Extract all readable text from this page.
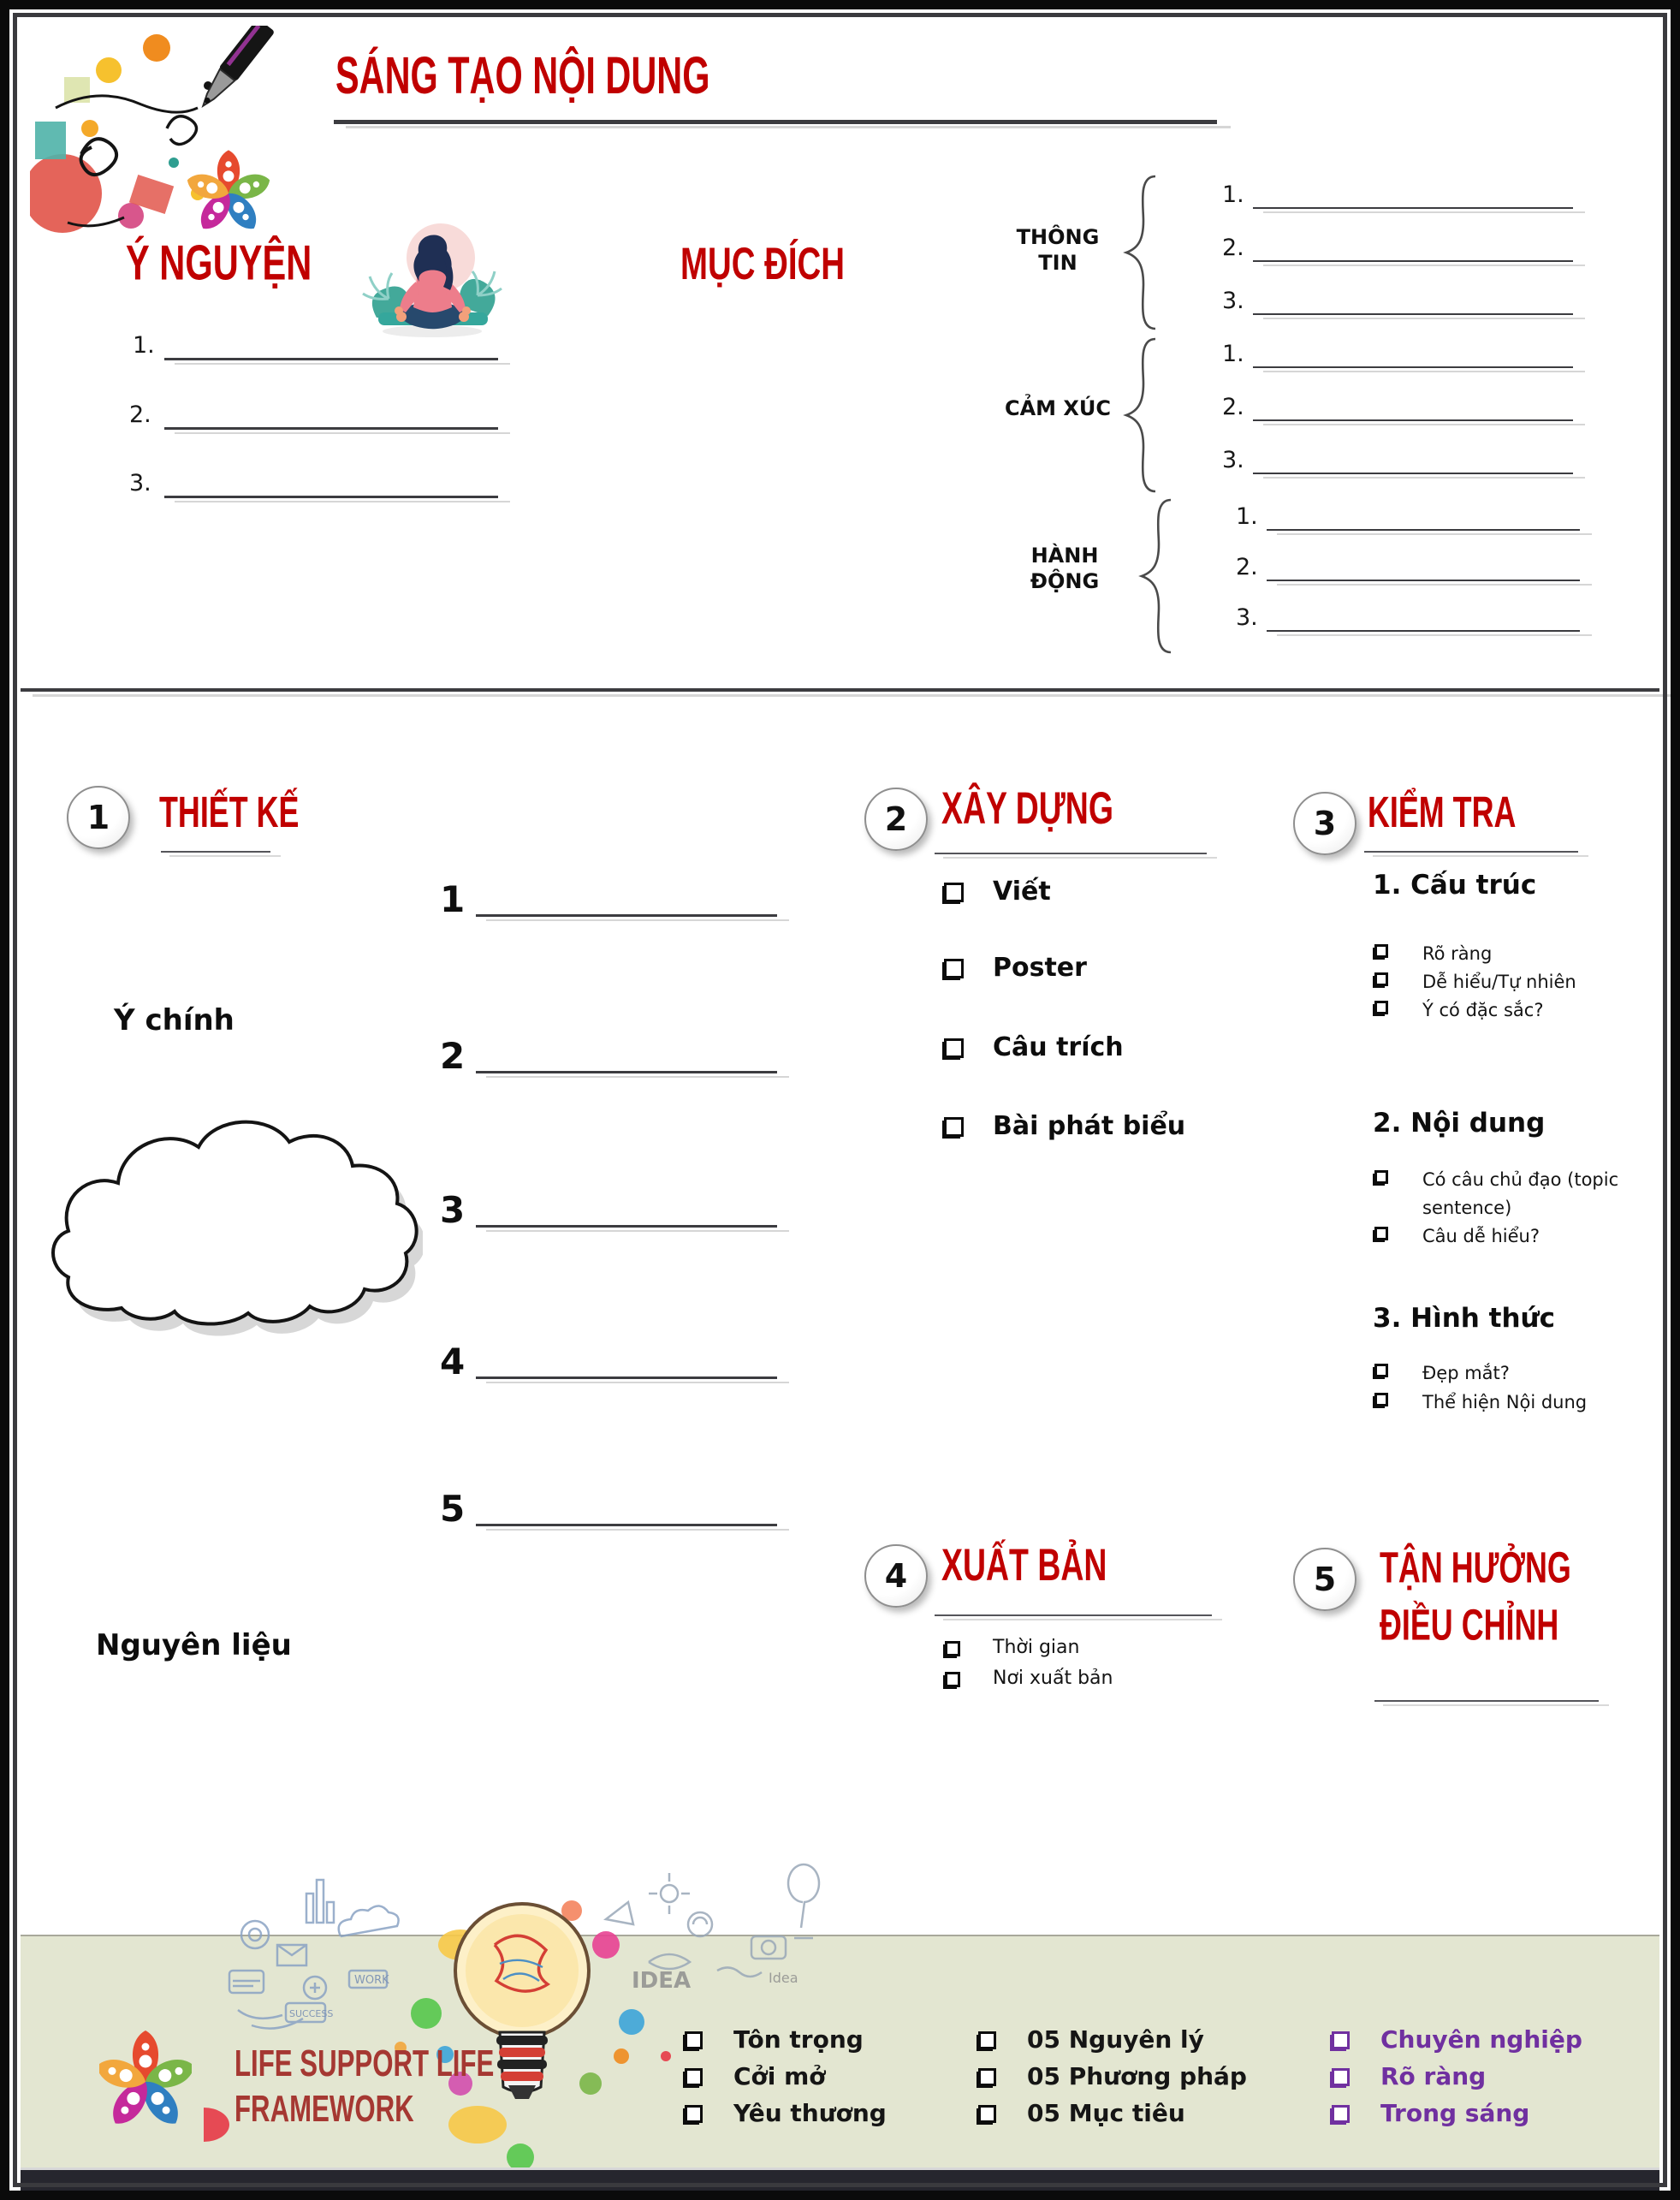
SÁNG TẠO NỘI DUNG
Ý NGUYỆN
1.
2.
3.
MỤC ĐÍCH
THÔNG TIN
CẢM XÚC
HÀNH ĐỘNG
1.
2.
3.
1.
2.
3.
1.
2.
3.
1 THIẾT KẾ
1
2
3
4
5
Ý chính
Nguyên liệu
2 XÂY DỰNG
Viết
Poster
Câu trích
Bài phát biểu
3 KIỂM TRA
1. Cấu trúc
Rõ ràng
Dễ hiểu/Tự nhiên
Ý có đặc sắc?
2. Nội dung
Có câu chủ đạo (topic sentence)
Câu dễ hiểu?
3. Hình thức
Đẹp mắt?
Thể hiện Nội dung
4 XUẤT BẢN
Thời gian
Nơi xuất bản
5 TẬN HƯỞNG
ĐIỀU CHỈNH
WORK
SUCCESS
IDEA	Idea
LIFE SUPPORT LIFE
FRAMEWORK
Tôn trọng
Cởi mở
Yêu thương
05 Nguyên lý
05 Phương pháp
05 Mục tiêu
Chuyên nghiệp
Rõ ràng
Trong sáng
